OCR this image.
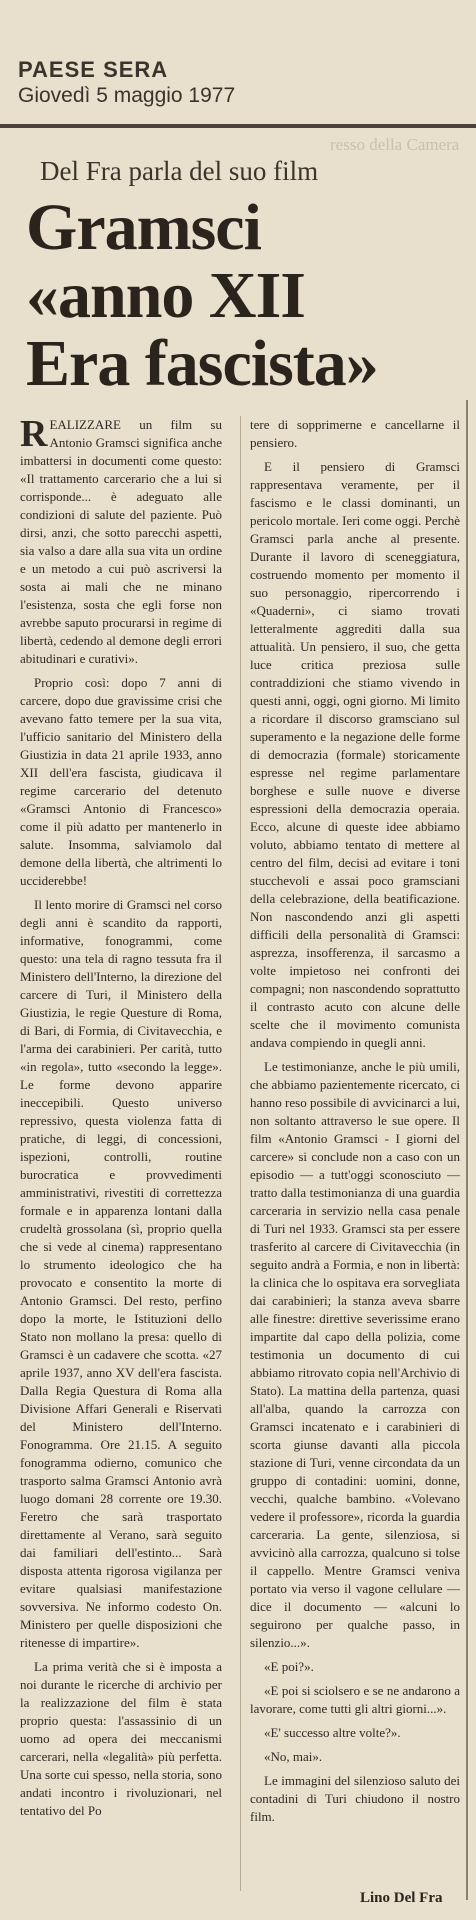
PAESE SERA
Giovedì 5 maggio 1977
resso della Camera
Del Fra parla del suo film
Gramsci
«anno XII
Era fascista»

REALIZZARE un film su Antonio Gramsci significa anche imbattersi in documenti come questo: «Il trattamento carcerario che a lui si corrisponde... è adeguato alle condizioni di salute del paziente. Può dirsi, anzi, che sotto parecchi aspetti, sia valso a dare alla sua vita un ordine e un metodo a cui può ascriversi la sosta ai mali che ne minano l'esistenza, sosta che egli forse non avrebbe saputo procurarsi in regime di libertà, cedendo al demone degli errori abitudinari e curativi».

Proprio così: dopo 7 anni di carcere, dopo due gravissime crisi che avevano fatto temere per la sua vita, l'ufficio sanitario del Ministero della Giustizia in data 21 aprile 1933, anno XII dell'era fascista, giudicava il regime carcerario del detenuto «Gramsci Antonio di Francesco» come il più adatto per mantenerlo in salute. Insomma, salviamolo dal demone della libertà, che altrimenti lo ucciderebbe!

Il lento morire di Gramsci nel corso degli anni è scandito da rapporti, informative, fonogrammi, come questo: una tela di ragno tessuta fra il Ministero dell'Interno, la direzione del carcere di Turi, il Ministero della Giustizia, le regie Questure di Roma, di Bari, di Formia, di Civitavecchia, e l'arma dei carabinieri. Per carità, tutto «in regola», tutto «secondo la legge». Le forme devono apparire ineccepibili. Questo universo repressivo, questa violenza fatta di pratiche, di leggi, di concessioni, ispezioni, controlli, routine burocratica e provvedimenti amministrativi, rivestiti di correttezza formale e in apparenza lontani dalla crudeltà grossolana (sì, proprio quella che si vede al cinema) rappresentano lo strumento ideologico che ha provocato e consentito la morte di Antonio Gramsci. Del resto, perfino dopo la morte, le Istituzioni dello Stato non mollano la presa: quello di Gramsci è un cadavere che scotta. «27 aprile 1937, anno XV dell'era fascista. Dalla Regia Questura di Roma alla Divisione Affari Generali e Riservati del Ministero dell'Interno. Fonogramma. Ore 21.15. A seguito fonogramma odierno, comunico che trasporto salma Gramsci Antonio avrà luogo domani 28 corrente ore 19.30. Feretro che sarà trasportato direttamente al Verano, sarà seguito dai familiari dell'estinto... Sarà disposta attenta rigorosa vigilanza per evitare qualsiasi manifestazione sovversiva. Ne informo codesto On. Ministero per quelle disposizioni che ritenesse di impartire».

La prima verità che si è imposta a noi durante le ricerche di archivio per la realizzazione del film è stata proprio questa: l'assassinio di un uomo ad opera dei meccanismi carcerari, nella «legalità» più perfetta. Una sorte cui spesso, nella storia, sono andati incontro i rivoluzionari, nel tentativo del Po

tere di sopprimerne e cancellarne il pensiero.

E il pensiero di Gramsci rappresentava veramente, per il fascismo e le classi dominanti, un pericolo mortale. Ieri come oggi. Perchè Gramsci parla anche al presente. Durante il lavoro di sceneggiatura, costruendo momento per momento il suo personaggio, ripercorrendo i «Quaderni», ci siamo trovati letteralmente aggrediti dalla sua attualità. Un pensiero, il suo, che getta luce critica preziosa sulle contraddizioni che stiamo vivendo in questi anni, oggi, ogni giorno. Mi limito a ricordare il discorso gramsciano sul superamento e la negazione delle forme di democrazia (formale) storicamente espresse nel regime parlamentare borghese e sulle nuove e diverse espressioni della democrazia operaia. Ecco, alcune di queste idee abbiamo voluto, abbiamo tentato di mettere al centro del film, decisi ad evitare i toni stucchevoli e assai poco gramsciani della celebrazione, della beatificazione. Non nascondendo anzi gli aspetti difficili della personalità di Gramsci: asprezza, insofferenza, il sarcasmo a volte impietoso nei confronti dei compagni; non nascondendo soprattutto il contrasto acuto con alcune delle scelte che il movimento comunista andava compiendo in quegli anni.

Le testimonianze, anche le più umili, che abbiamo pazientemente ricercato, ci hanno reso possibile di avvicinarci a lui, non soltanto attraverso le sue opere. Il film «Antonio Gramsci - I giorni del carcere» si conclude non a caso con un episodio — a tutt'oggi sconosciuto — tratto dalla testimonianza di una guardia carceraria in servizio nella casa penale di Turi nel 1933. Gramsci sta per essere trasferito al carcere di Civitavecchia (in seguito andrà a Formia, e non in libertà: la clinica che lo ospitava era sorvegliata dai carabinieri; la stanza aveva sbarre alle finestre: direttive severissime erano impartite dal capo della polizia, come testimonia un documento di cui abbiamo ritrovato copia nell'Archivio di Stato). La mattina della partenza, quasi all'alba, quando la carrozza con Gramsci incatenato e i carabinieri di scorta giunse davanti alla piccola stazione di Turi, venne circondata da un gruppo di contadini: uomini, donne, vecchi, qualche bambino. «Volevano vedere il professore», ricorda la guardia carceraria. La gente, silenziosa, si avvicinò alla carrozza, qualcuno si tolse il cappello. Mentre Gramsci veniva portato via verso il vagone cellulare — dice il documento — «alcuni lo seguirono per qualche passo, in silenzio...».

«E poi?».

«E poi si sciolsero e se ne andarono a lavorare, come tutti gli altri giorni...».

«E' successo altre volte?».

«No, mai».

Le immagini del silenzioso saluto dei contadini di Turi chiudono il nostro film.

Lino Del Fra
